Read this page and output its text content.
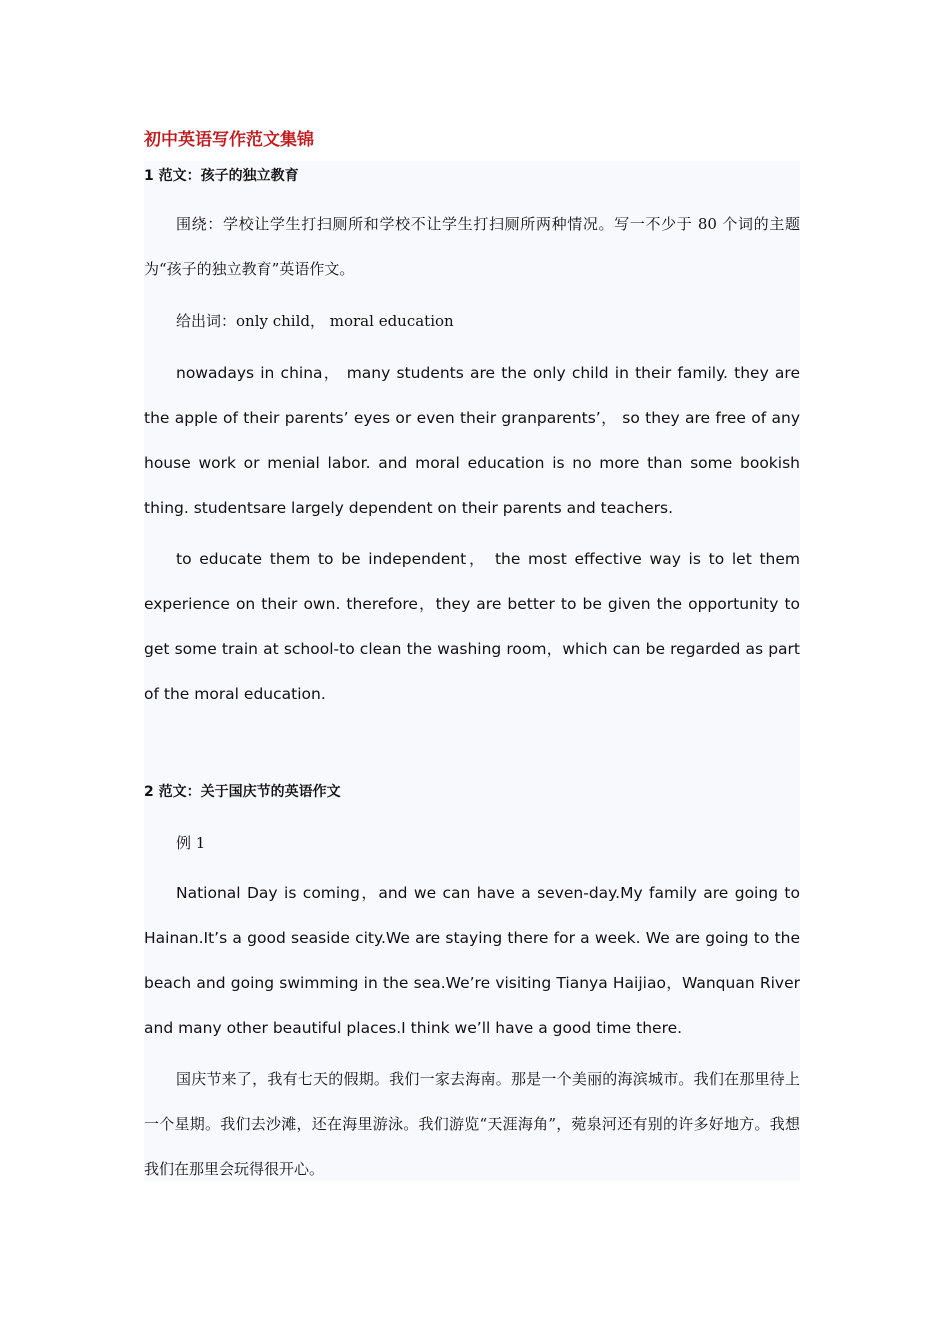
初中英语写作范文集锦
1 范文：孩子的独立教育

围绕：学校让学生打扫厕所和学校不让学生打扫厕所两种情况。写一不少于 80 个词的主题为“孩子的独立教育”英语作文。

给出词：only child， moral education

nowadays in china， many students are the only child in their family. they are the apple of their parents’ eyes or even their granparents’， so they are free of any house work or menial labor. and moral education is no more than some bookish thing. studentsare largely dependent on their parents and teachers.

to educate them to be independent， the most effective way is to let them experience on their own. therefore，they are better to be given the opportunity to get some train at school-to clean the washing room，which can be regarded as part of the moral education.

2 范文：关于国庆节的英语作文
例 1

National Day is coming，and we can have a seven-day.My family are going to Hainan.It’s a good seaside city.We are staying there for a week. We are going to the beach and going swimming in the sea.We’re visiting Tianya Haijiao，Wanquan River and many other beautiful places.I think we’ll have a good time there.

国庆节来了，我有七天的假期。我们一家去海南。那是一个美丽的海滨城市。我们在那里待上一个星期。我们去沙滩，还在海里游泳。我们游览“天涯海角”，菀泉河还有别的许多好地方。我想我们在那里会玩得很开心。
